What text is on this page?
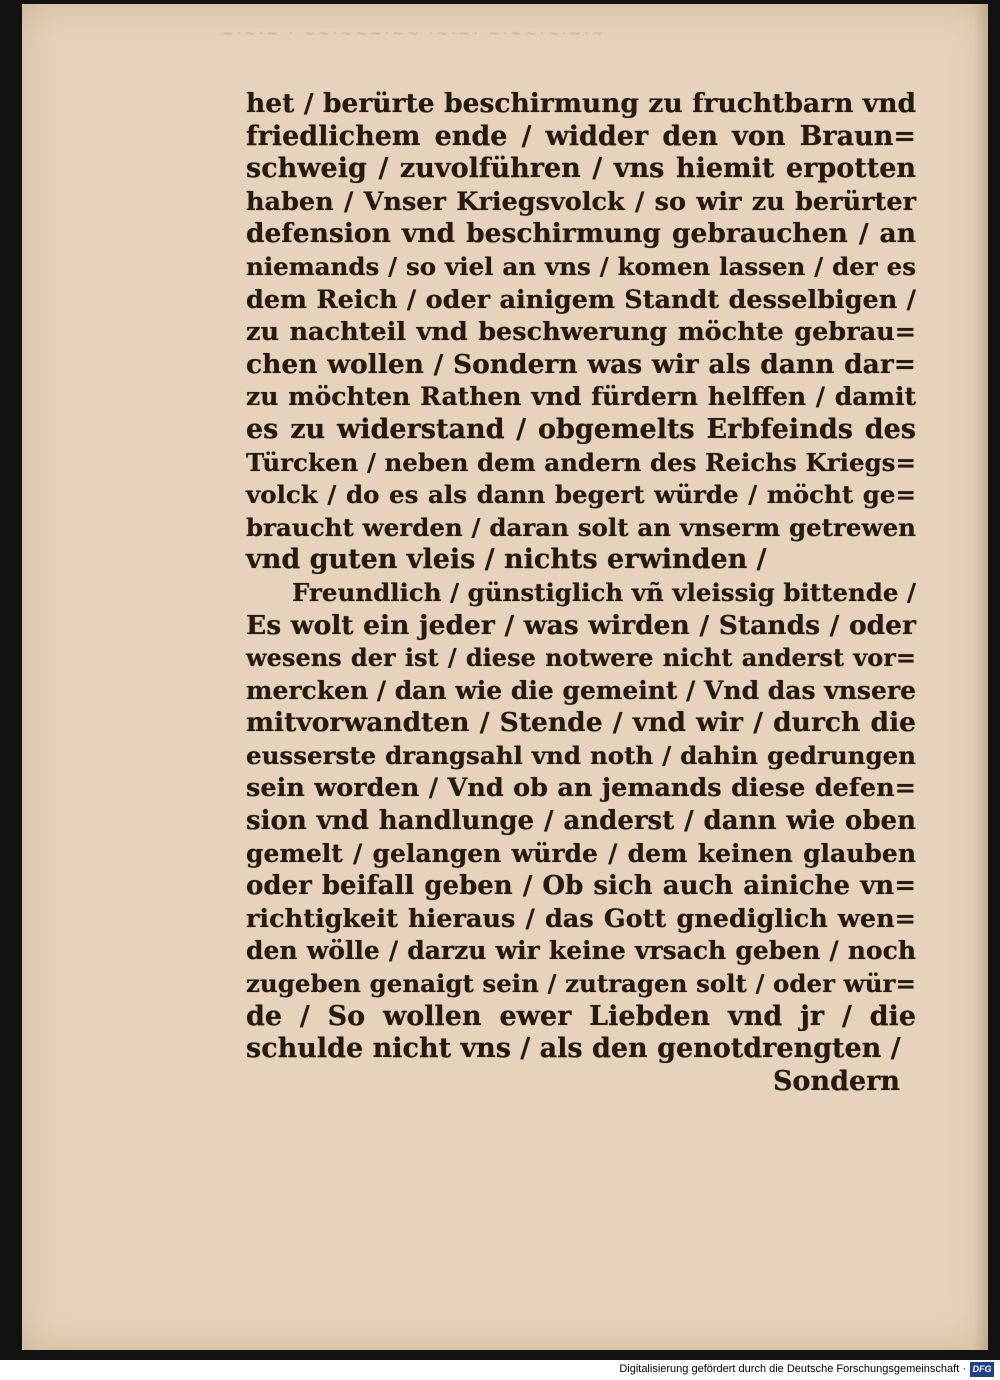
~·~·~ · ~~·~~~·~~ ·~·~· ~·~~·~·~·~
het / berürte beschirmung zu fruchtbarn vnd
friedlichem ende / widder den von Braun=
schweig / zuvolführen / vns hiemit erpotten
haben / Vnser Kriegsvolck / so wir zu berürter
defension vnd beschirmung gebrauchen / an
niemands / so viel an vns / komen lassen / der es
dem Reich / oder ainigem Standt desselbigen /
zu nachteil vnd beschwerung möchte gebrau=
chen wollen / Sondern was wir als dann dar=
zu möchten Rathen vnd fürdern helffen / damit
es zu widerstand / obgemelts Erbfeinds des
Türcken / neben dem andern des Reichs Kriegs=
volck / do es als dann begert würde / möcht ge=
braucht werden / daran solt an vnserm getrewen
vnd guten vleis / nichts erwinden /
Freundlich / günstiglich vñ vleissig bittende /
Es wolt ein jeder / was wirden / Stands / oder
wesens der ist / diese notwere nicht anderst vor=
mercken / dan wie die gemeint / Vnd das vnsere
mitvorwandten / Stende / vnd wir / durch die
eusserste drangsahl vnd noth / dahin gedrungen
sein worden / Vnd ob an jemands diese defen=
sion vnd handlunge / anderst / dann wie oben
gemelt / gelangen würde / dem keinen glauben
oder beifall geben / Ob sich auch ainiche vn=
richtigkeit hieraus / das Gott gnediglich wen=
den wölle / darzu wir keine vrsach geben / noch
zugeben genaigt sein / zutragen solt / oder wür=
de / So wollen ewer Liebden vnd jr / die
schulde nicht vns / als den genotdrengten /
Sondern
Digitalisierung gefördert durch die Deutsche Forschungsgemeinschaft · DFG
